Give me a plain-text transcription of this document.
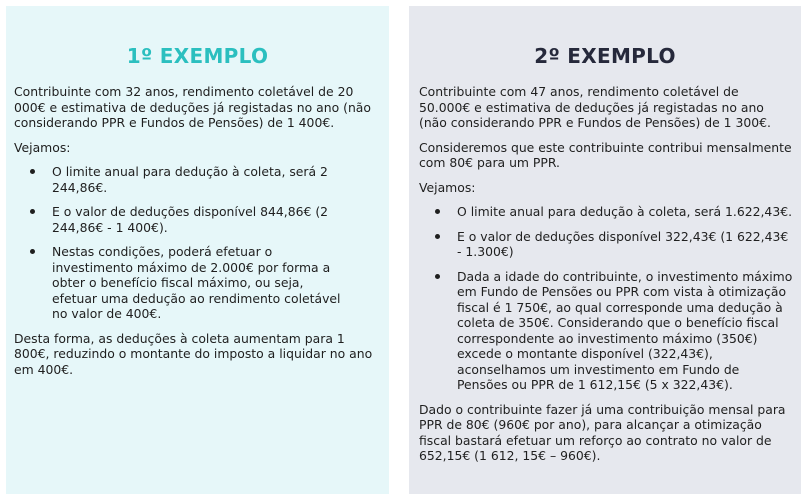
1º EXEMPLO

Contribuinte com 32 anos, rendimento coletável de 20 000€ e estimativa de deduções já registadas no ano (não considerando PPR e Fundos de Pensões) de 1 400€.

Vejamos:

O limite anual para dedução à coleta, será 2 244,86€.
E o valor de deduções disponível 844,86€ (2 244,86€ - 1 400€).
Nestas condições, poderá efetuar o investimento máximo de 2.000€ por forma a obter o benefício fiscal máximo, ou seja, efetuar uma dedução ao rendimento coletável no valor de 400€.

Desta forma, as deduções à coleta aumentam para 1 800€, reduzindo o montante do imposto a liquidar no ano em 400€.

2º EXEMPLO

Contribuinte com 47 anos, rendimento coletável de 50.000€ e estimativa de deduções já registadas no ano (não considerando PPR e Fundos de Pensões) de 1 300€.

Consideremos que este contribuinte contribui mensalmente com 80€ para um PPR.

Vejamos:

O limite anual para dedução à coleta, será 1.622,43€.
E o valor de deduções disponível 322,43€ (1 622,43€ - 1.300€)
Dada a idade do contribuinte, o investimento máximo em Fundo de Pensões ou PPR com vista à otimização fiscal é 1 750€, ao qual corresponde uma dedução à coleta de 350€. Considerando que o benefício fiscal correspondente ao investimento máximo (350€) excede o montante disponível (322,43€), aconselhamos um investimento em Fundo de Pensões ou PPR de 1 612,15€ (5 x 322,43€).

Dado o contribuinte fazer já uma contribuição mensal para PPR de 80€ (960€ por ano), para alcançar a otimização fiscal bastará efetuar um reforço ao contrato no valor de 652,15€ (1 612, 15€ – 960€).
